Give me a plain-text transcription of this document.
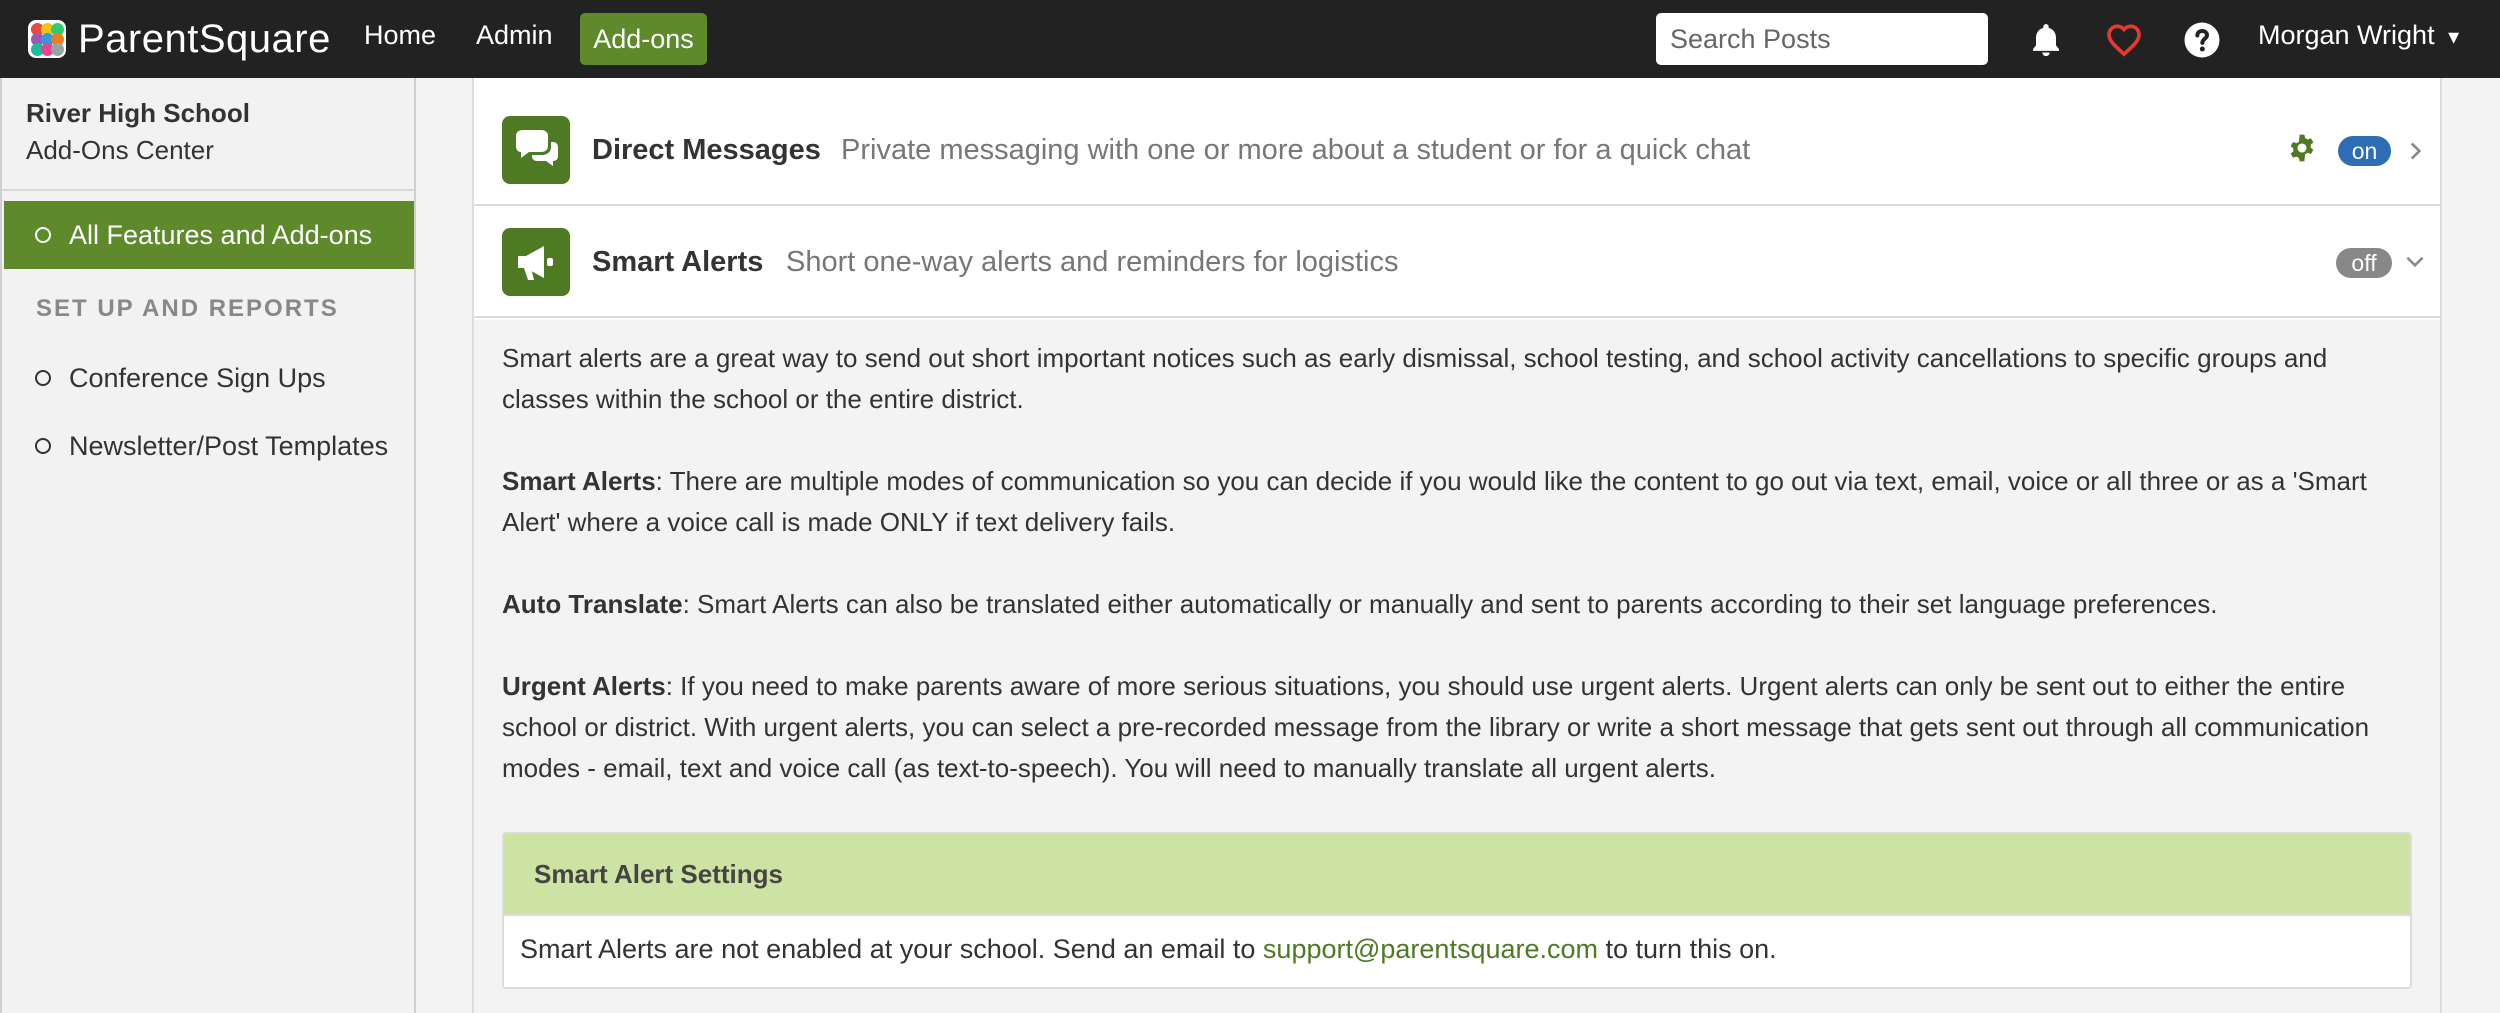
ParentSquare Home Admin	Add-ons
Search Posts	Morgan Wright ▾
River High School
Add-Ons Center
All Features and Add-ons
SET UP AND REPORTS
Conference Sign Ups
Newsletter/Post Templates
Direct Messages Private messaging with one or more about a student or for a quick chat	on
Smart Alerts Short one-way alerts and reminders for logistics	off

Smart alerts are a great way to send out short important notices such as early dismissal, school testing, and school activity cancellations to specific groups and classes within the school or the entire district.

Smart Alerts: There are multiple modes of communication so you can decide if you would like the content to go out via text, email, voice or all three or as a 'Smart Alert' where a voice call is made ONLY if text delivery fails.

Auto Translate: Smart Alerts can also be translated either automatically or manually and sent to parents according to their set language preferences.

Urgent Alerts: If you need to make parents aware of more serious situations, you should use urgent alerts. Urgent alerts can only be sent out to either the entire school or district. With urgent alerts, you can select a pre-recorded message from the library or write a short message that gets sent out through all communication modes - email, text and voice call (as text-to-speech). You will need to manually translate all urgent alerts.

Smart Alert Settings
Smart Alerts are not enabled at your school. Send an email to support@parentsquare.com to turn this on.
